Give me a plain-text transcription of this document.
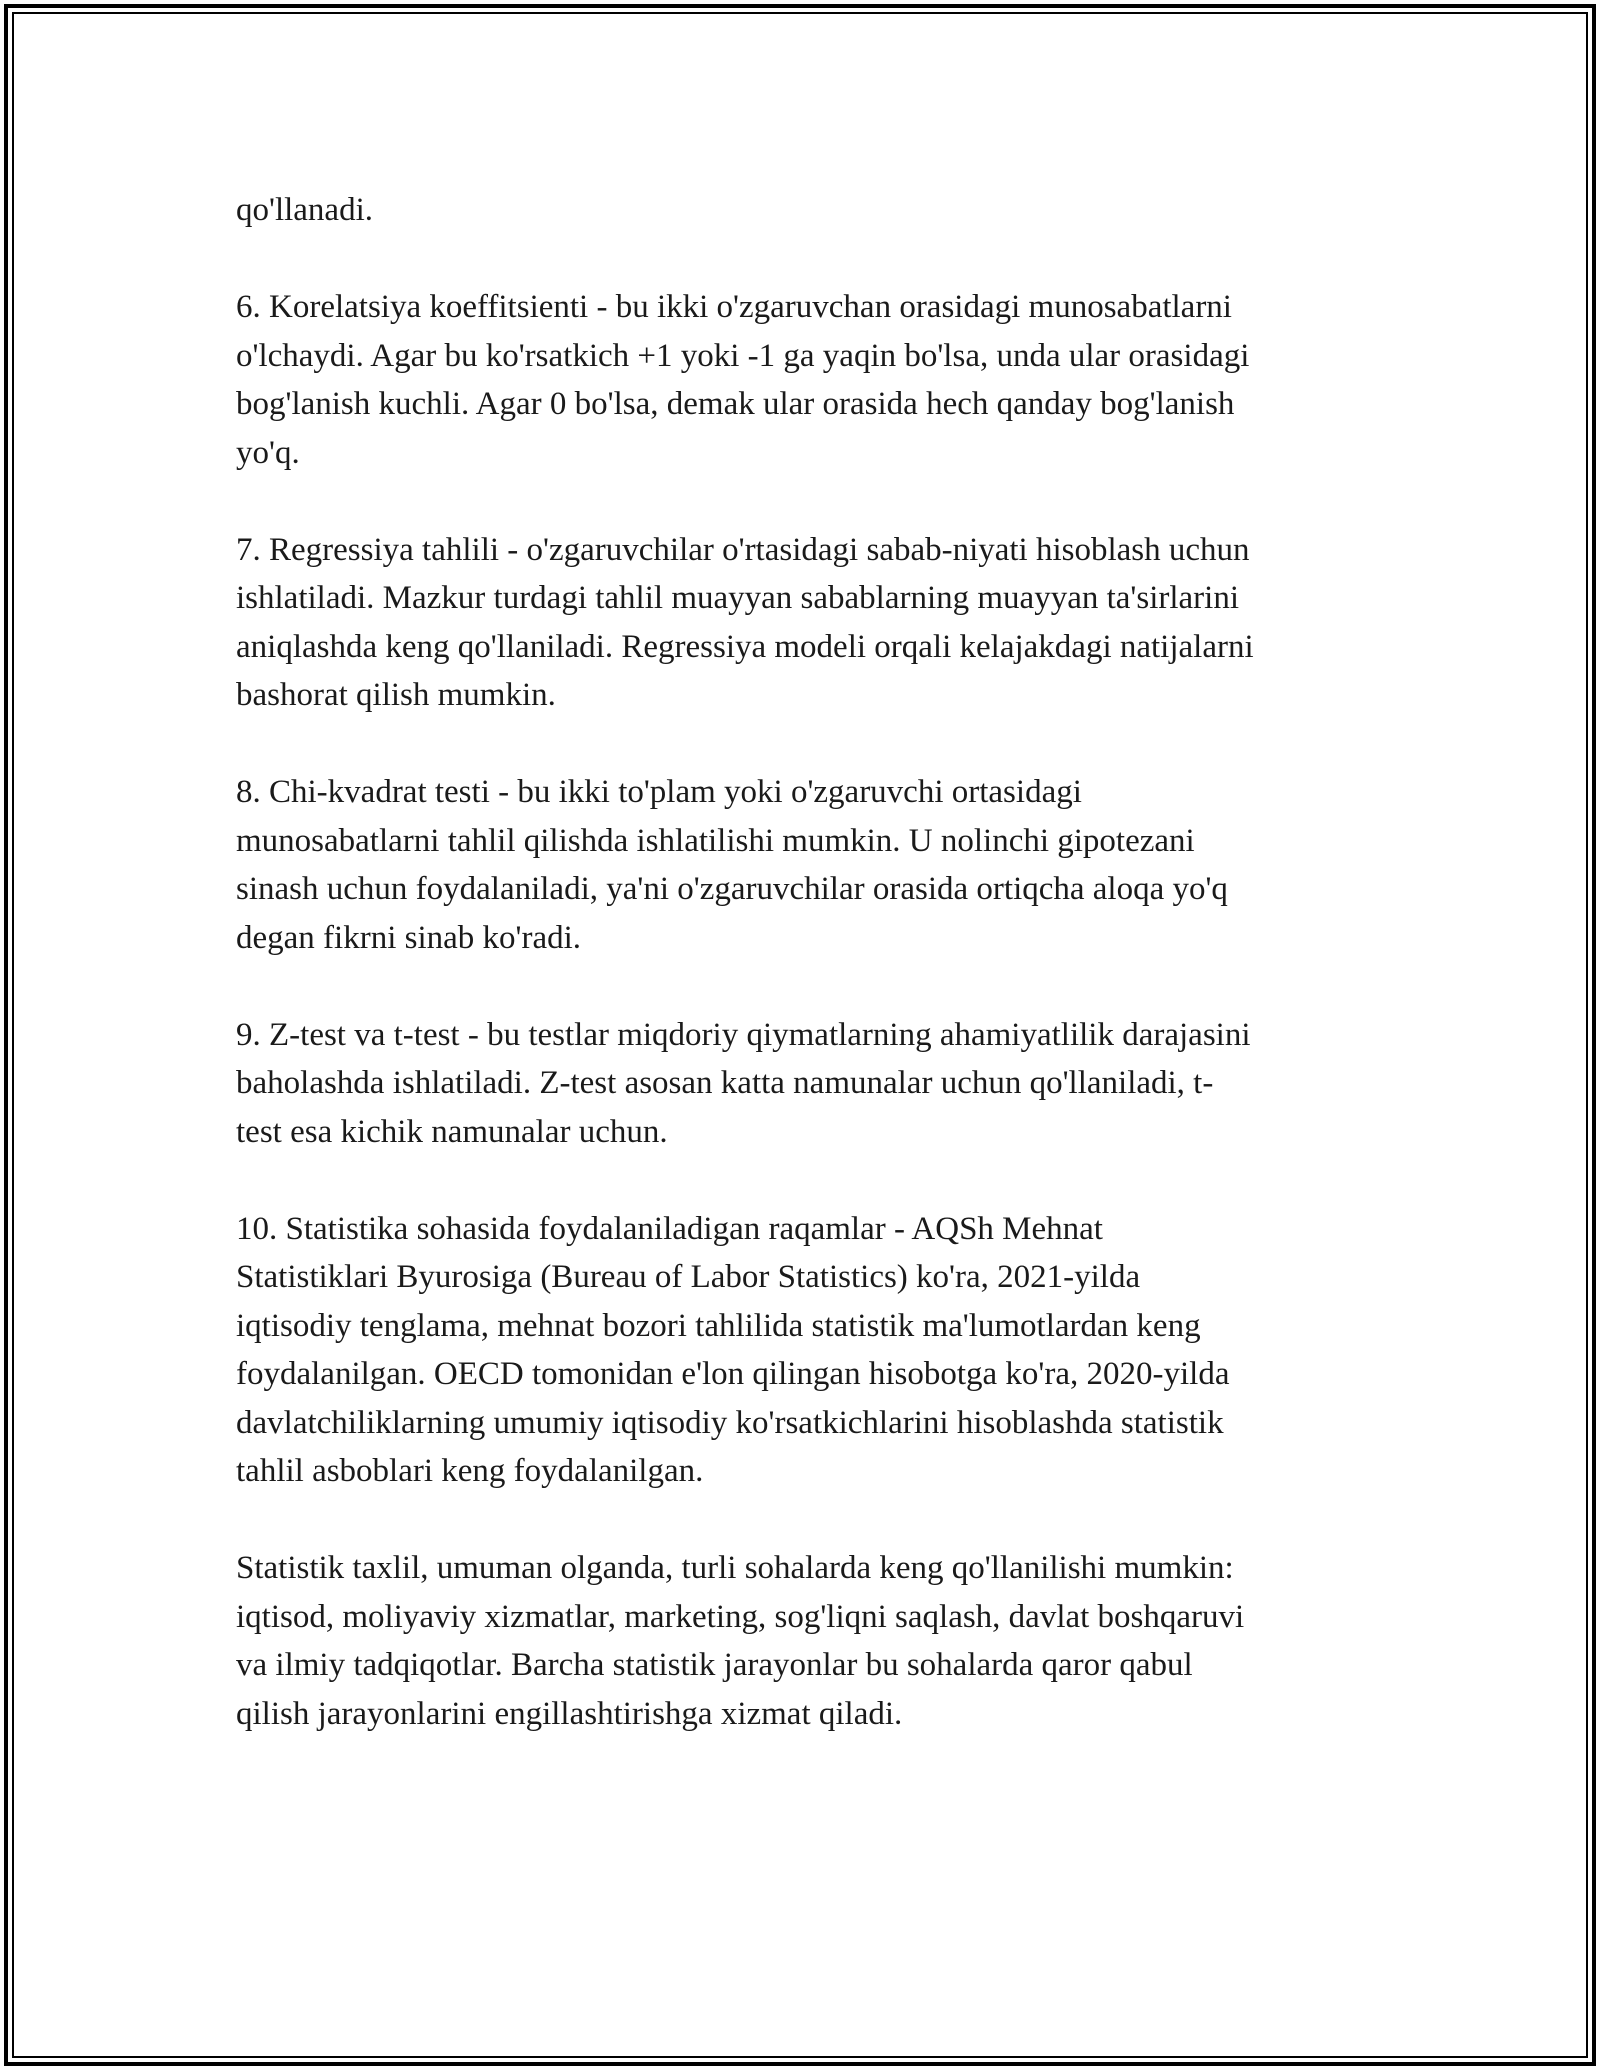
qo'llanadi.

6. Korelatsiya koeffitsienti - bu ikki o'zgaruvchan orasidagi munosabatlarni
o'lchaydi. Agar bu ko'rsatkich +1 yoki -1 ga yaqin bo'lsa, unda ular orasidagi
bog'lanish kuchli. Agar 0 bo'lsa, demak ular orasida hech qanday bog'lanish
yo'q.

7. Regressiya tahlili - o'zgaruvchilar o'rtasidagi sabab-niyati hisoblash uchun
ishlatiladi. Mazkur turdagi tahlil muayyan sabablarning muayyan ta'sirlarini
aniqlashda keng qo'llaniladi. Regressiya modeli orqali kelajakdagi natijalarni
bashorat qilish mumkin.

8. Chi-kvadrat testi - bu ikki to'plam yoki o'zgaruvchi ortasidagi
munosabatlarni tahlil qilishda ishlatilishi mumkin. U nolinchi gipotezani
sinash uchun foydalaniladi, ya'ni o'zgaruvchilar orasida ortiqcha aloqa yo'q
degan fikrni sinab ko'radi.

9. Z-test va t-test - bu testlar miqdoriy qiymatlarning ahamiyatlilik darajasini
baholashda ishlatiladi. Z-test asosan katta namunalar uchun qo'llaniladi, t-
test esa kichik namunalar uchun.

10. Statistika sohasida foydalaniladigan raqamlar - AQSh Mehnat
Statistiklari Byurosiga (Bureau of Labor Statistics) ko'ra, 2021-yilda
iqtisodiy tenglama, mehnat bozori tahlilida statistik ma'lumotlardan keng
foydalanilgan. OECD tomonidan e'lon qilingan hisobotga ko'ra, 2020-yilda
davlatchiliklarning umumiy iqtisodiy ko'rsatkichlarini hisoblashda statistik
tahlil asboblari keng foydalanilgan.

Statistik taxlil, umuman olganda, turli sohalarda keng qo'llanilishi mumkin:
iqtisod, moliyaviy xizmatlar, marketing, sog'liqni saqlash, davlat boshqaruvi
va ilmiy tadqiqotlar. Barcha statistik jarayonlar bu sohalarda qaror qabul
qilish jarayonlarini engillashtirishga xizmat qiladi.
